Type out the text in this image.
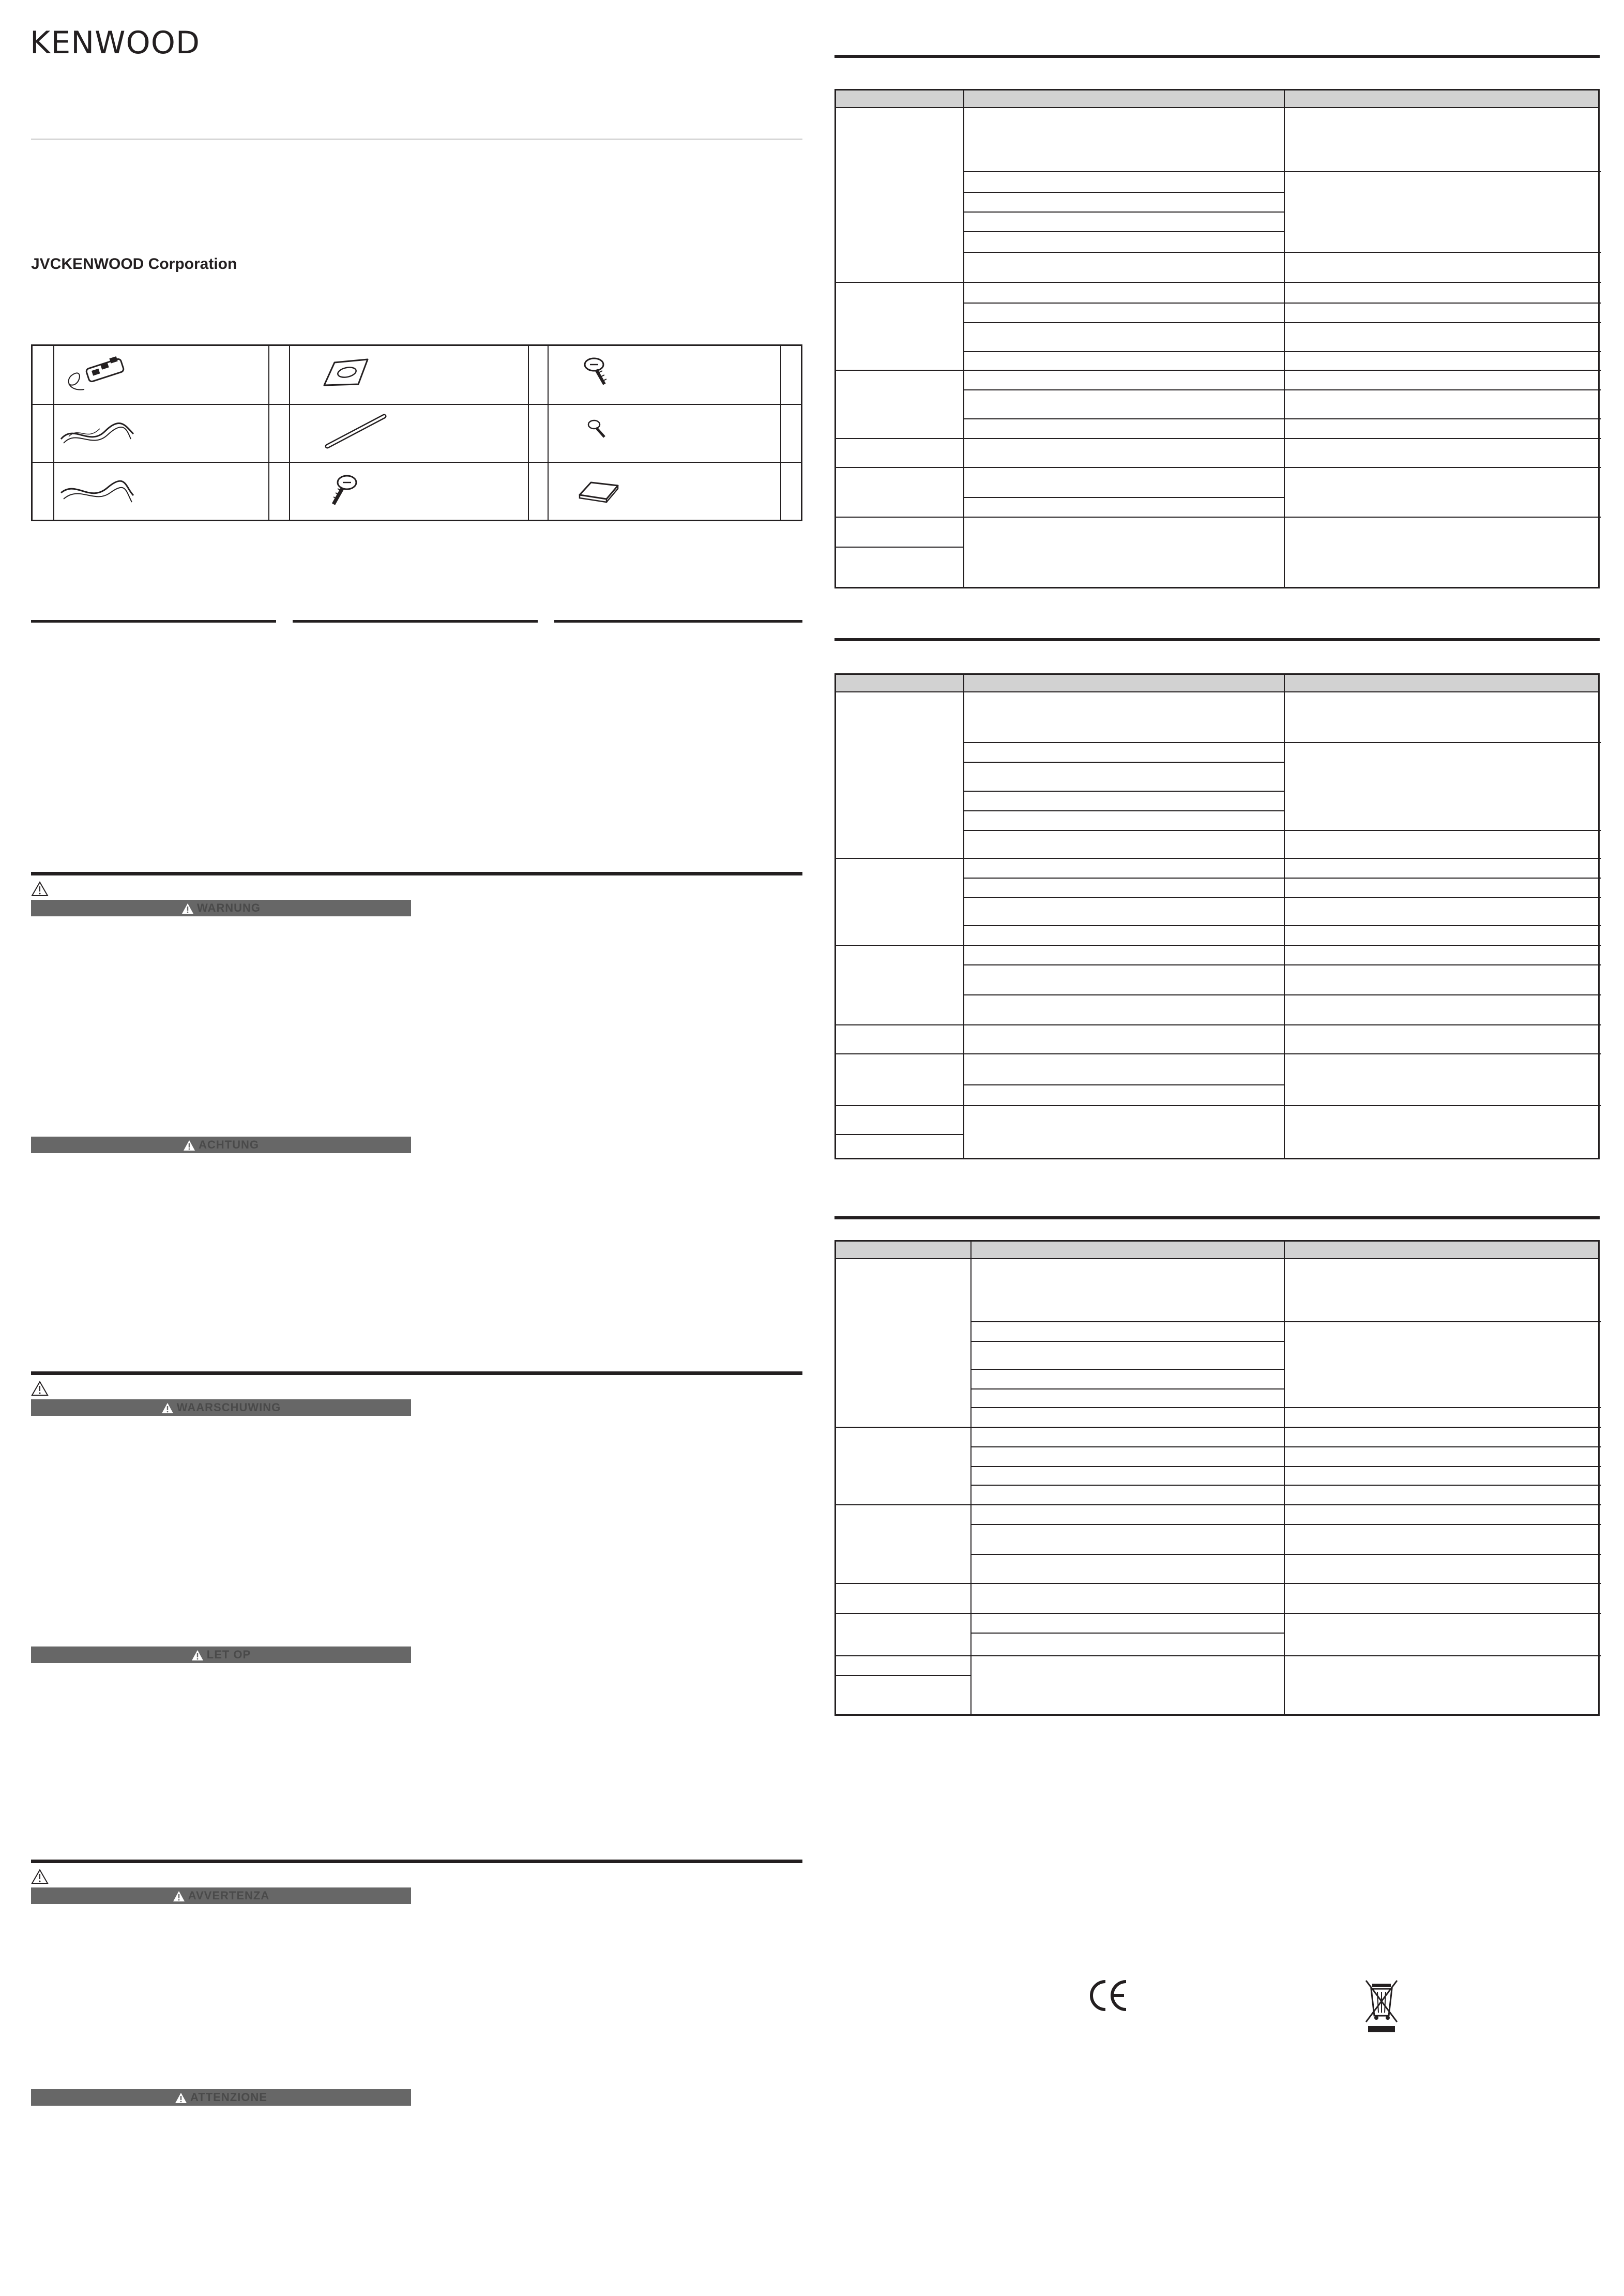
KENWOOD
JVCKENWOOD Corporation
WARNUNG
ACHTUNG
WAARSCHUWING
LET OP
AVVERTENZA
ATTENZIONE
